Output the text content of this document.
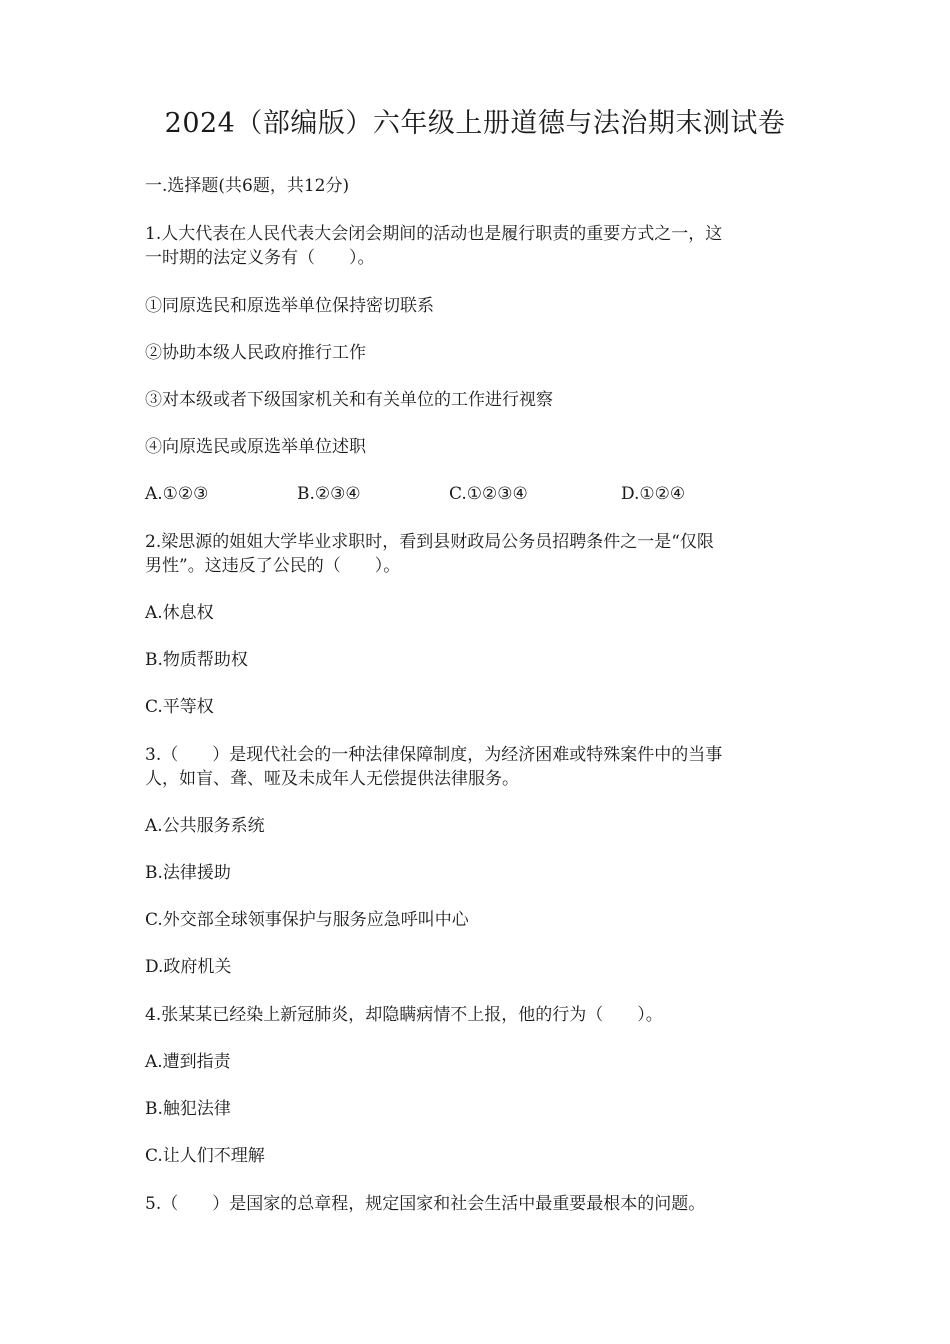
2024（部编版）六年级上册道德与法治期末测试卷
一.选择题(共6题，共12分)
1.人大代表在人民代表大会闭会期间的活动也是履行职责的重要方式之一，这
一时期的法定义务有（　　）。
①同原选民和原选举单位保持密切联系
②协助本级人民政府推行工作
③对本级或者下级国家机关和有关单位的工作进行视察
④向原选民或原选举单位述职
A.①②③	B.②③④	C.①②③④	D.①②④
2.梁思源的姐姐大学毕业求职时，看到县财政局公务员招聘条件之一是“仅限
男性”。这违反了公民的（　　）。
A.休息权
B.物质帮助权
C.平等权
3.（　　）是现代社会的一种法律保障制度，为经济困难或特殊案件中的当事
人，如盲、聋、哑及未成年人无偿提供法律服务。
A.公共服务系统
B.法律援助
C.外交部全球领事保护与服务应急呼叫中心
D.政府机关
4.张某某已经染上新冠肺炎，却隐瞒病情不上报，他的行为（　　）。
A.遭到指责
B.触犯法律
C.让人们不理解
5.（　　）是国家的总章程，规定国家和社会生活中最重要最根本的问题。
